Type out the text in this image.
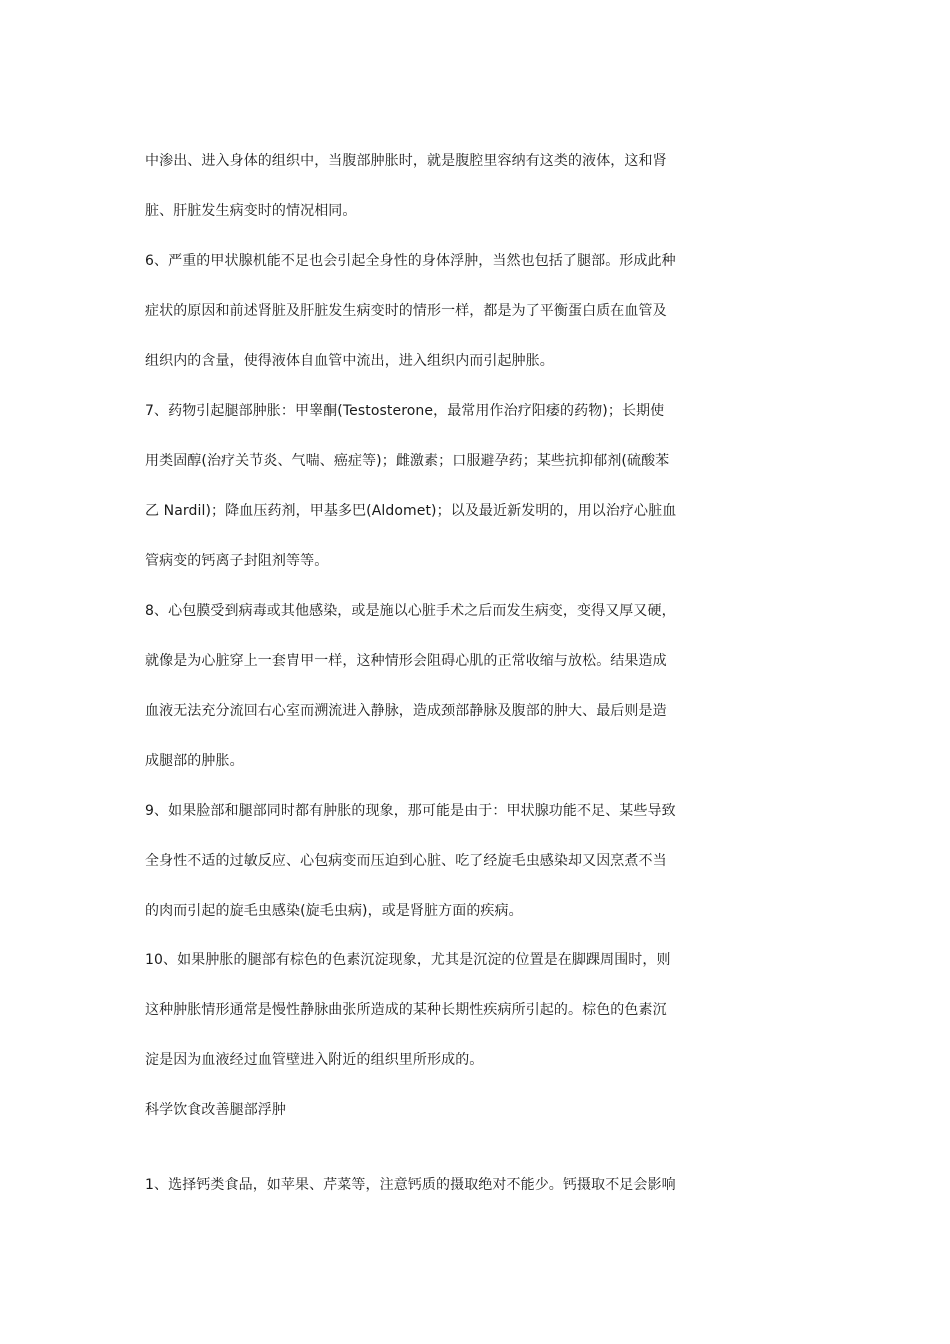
中渗出、进入身体的组织中，当腹部肿胀时，就是腹腔里容纳有这类的液体，这和肾
脏、肝脏发生病变时的情况相同。
6、严重的甲状腺机能不足也会引起全身性的身体浮肿，当然也包括了腿部。形成此种
症状的原因和前述肾脏及肝脏发生病变时的情形一样，都是为了平衡蛋白质在血管及
组织内的含量，使得液体自血管中流出，进入组织内而引起肿胀。
7、药物引起腿部肿胀：甲睾酮(Testosterone，最常用作治疗阳痿的药物)；长期使
用类固醇(治疗关节炎、气喘、癌症等)；雌激素；口服避孕药；某些抗抑郁剂(硫酸苯
乙 Nardil)；降血压药剂，甲基多巴(Aldomet)；以及最近新发明的，用以治疗心脏血
管病变的钙离子封阻剂等等。
8、心包膜受到病毒或其他感染，或是施以心脏手术之后而发生病变，变得又厚又硬，
就像是为心脏穿上一套胄甲一样，这种情形会阻碍心肌的正常收缩与放松。结果造成
血液无法充分流回右心室而溯流进入静脉，造成颈部静脉及腹部的肿大、最后则是造
成腿部的肿胀。
9、如果脸部和腿部同时都有肿胀的现象，那可能是由于：甲状腺功能不足、某些导致
全身性不适的过敏反应、心包病变而压迫到心脏、吃了经旋毛虫感染却又因烹煮不当
的肉而引起的旋毛虫感染(旋毛虫病)，或是肾脏方面的疾病。
10、如果肿胀的腿部有棕色的色素沉淀现象，尤其是沉淀的位置是在脚踝周围时，则
这种肿胀情形通常是慢性静脉曲张所造成的某种长期性疾病所引起的。棕色的色素沉
淀是因为血液经过血管壁进入附近的组织里所形成的。
科学饮食改善腿部浮肿
1、选择钙类食品，如苹果、芹菜等，注意钙质的摄取绝对不能少。钙摄取不足会影响
